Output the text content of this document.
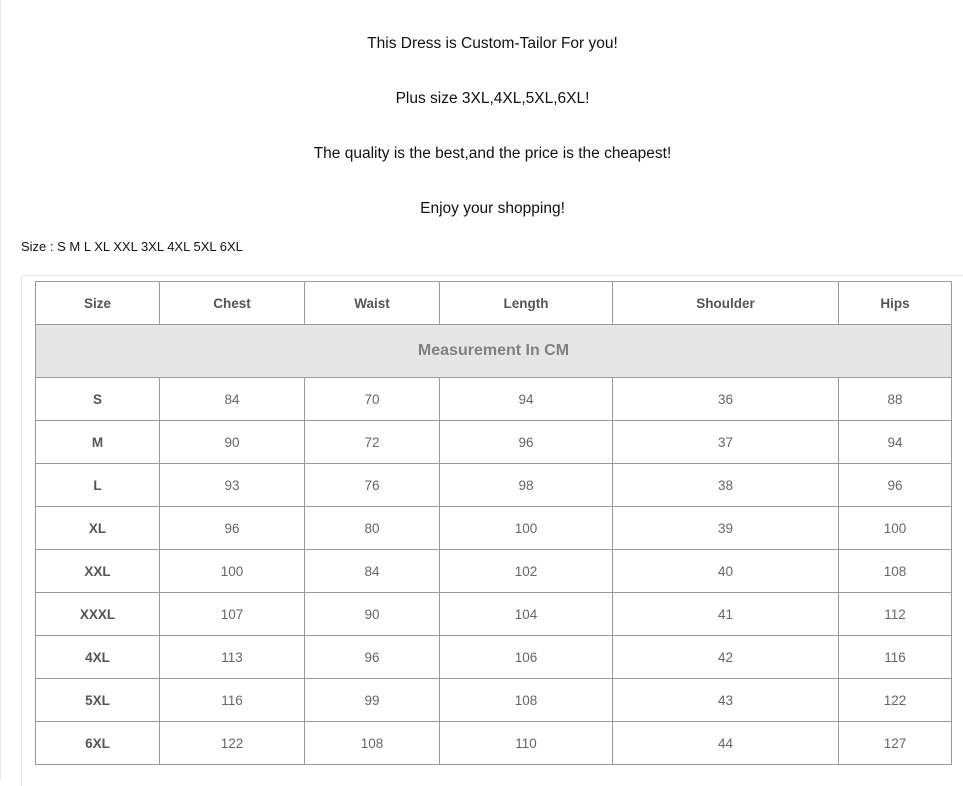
This Dress is Custom-Tailor For you!
Plus size 3XL,4XL,5XL,6XL!
The quality is the best,and the price is the cheapest!
Enjoy your shopping!
Size : S M L XL XXL 3XL 4XL 5XL 6XL
Size	Chest	Waist	Length	Shoulder	Hips
Measurement In CM					
S	84	70	94	36	88
M	90	72	96	37	94
L	93	76	98	38	96
XL	96	80	100	39	100
XXL	100	84	102	40	108
XXXL	107	90	104	41	112
4XL	113	96	106	42	116
5XL	116	99	108	43	122
6XL	122	108	110	44	127
